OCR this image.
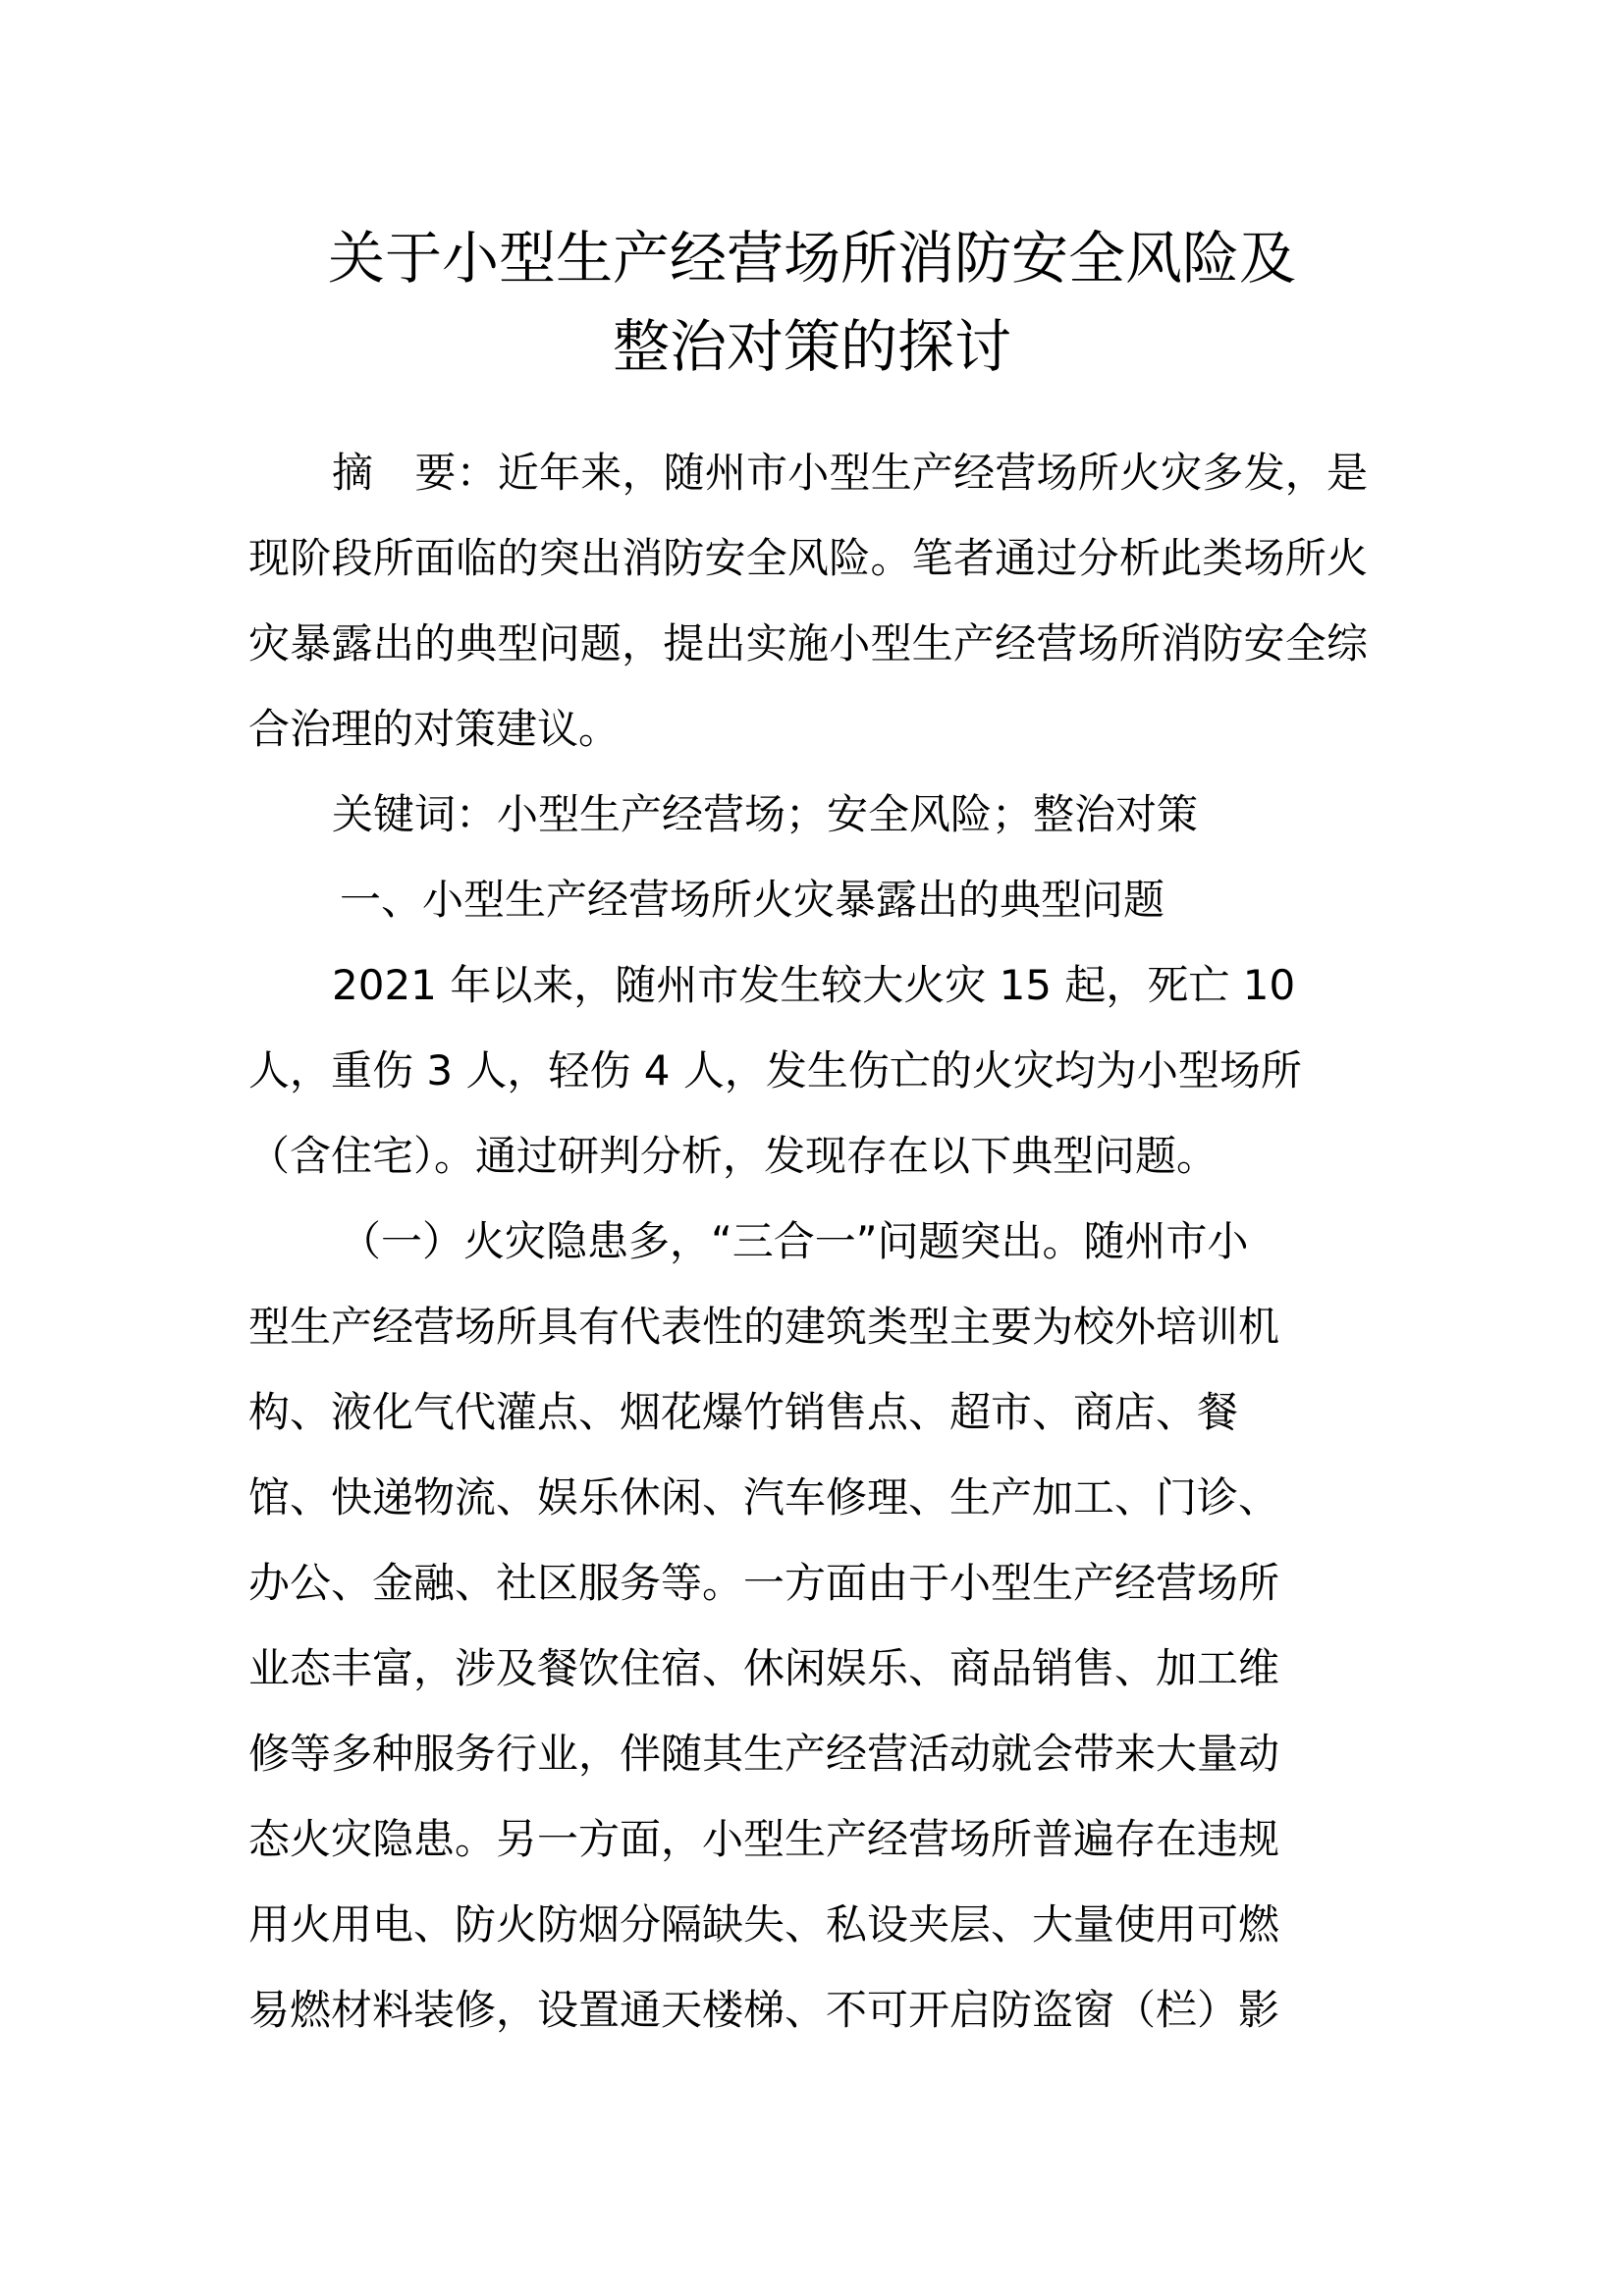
关于小型生产经营场所消防安全风险及
整治对策的探讨
摘　要：近年来，随州市小型生产经营场所火灾多发，是
现阶段所面临的突出消防安全风险。笔者通过分析此类场所火
灾暴露出的典型问题，提出实施小型生产经营场所消防安全综
合治理的对策建议。
关键词：小型生产经营场；安全风险；整治对策
一、小型生产经营场所火灾暴露出的典型问题
2021 年以来，随州市发生较大火灾 15 起，死亡 10
人，重伤 3 人，轻伤 4 人，发生伤亡的火灾均为小型场所
（含住宅）。通过研判分析，发现存在以下典型问题。
（一）火灾隐患多，“三合一”问题突出。随州市小
型生产经营场所具有代表性的建筑类型主要为校外培训机
构、液化气代灌点、烟花爆竹销售点、超市、商店、餐
馆、快递物流、娱乐休闲、汽车修理、生产加工、门诊、
办公、金融、社区服务等。一方面由于小型生产经营场所
业态丰富，涉及餐饮住宿、休闲娱乐、商品销售、加工维
修等多种服务行业，伴随其生产经营活动就会带来大量动
态火灾隐患。另一方面，小型生产经营场所普遍存在违规
用火用电、防火防烟分隔缺失、私设夹层、大量使用可燃
易燃材料装修，设置通天楼梯、不可开启防盗窗（栏）影
